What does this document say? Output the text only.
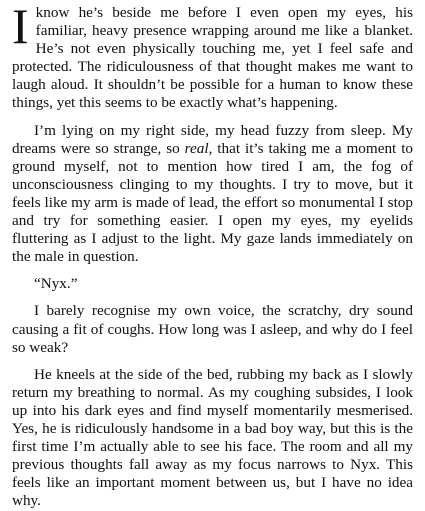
Iknow he’s beside me before I even open my eyes, his familiar, heavy presence wrapping around me like a blanket. He’s not even physically touching me, yet I feel safe and protected. The ridiculousness of that thought makes me want to laugh aloud. It shouldn’t be possible for a human to know these things, yet this seems to be exactly what’s happening.

I’m lying on my right side, my head fuzzy from sleep. My dreams were so strange, so real, that it’s taking me a moment to ground myself, not to mention how tired I am, the fog of unconsciousness clinging to my thoughts. I try to move, but it feels like my arm is made of lead, the effort so monumental I stop and try for something easier. I open my eyes, my eyelids fluttering as I adjust to the light. My gaze lands immediately on the male in question.

“Nyx.”

I barely recognise my own voice, the scratchy, dry sound causing a fit of coughs. How long was I asleep, and why do I feel so weak?

He kneels at the side of the bed, rubbing my back as I slowly return my breathing to normal. As my coughing subsides, I look up into his dark eyes and find myself momentarily mesmerised. Yes, he is ridiculously handsome in a bad boy way, but this is the first time I’m actually able to see his face. The room and all my previous thoughts fall away as my focus narrows to Nyx. This feels like an important moment between us, but I have no idea why.
